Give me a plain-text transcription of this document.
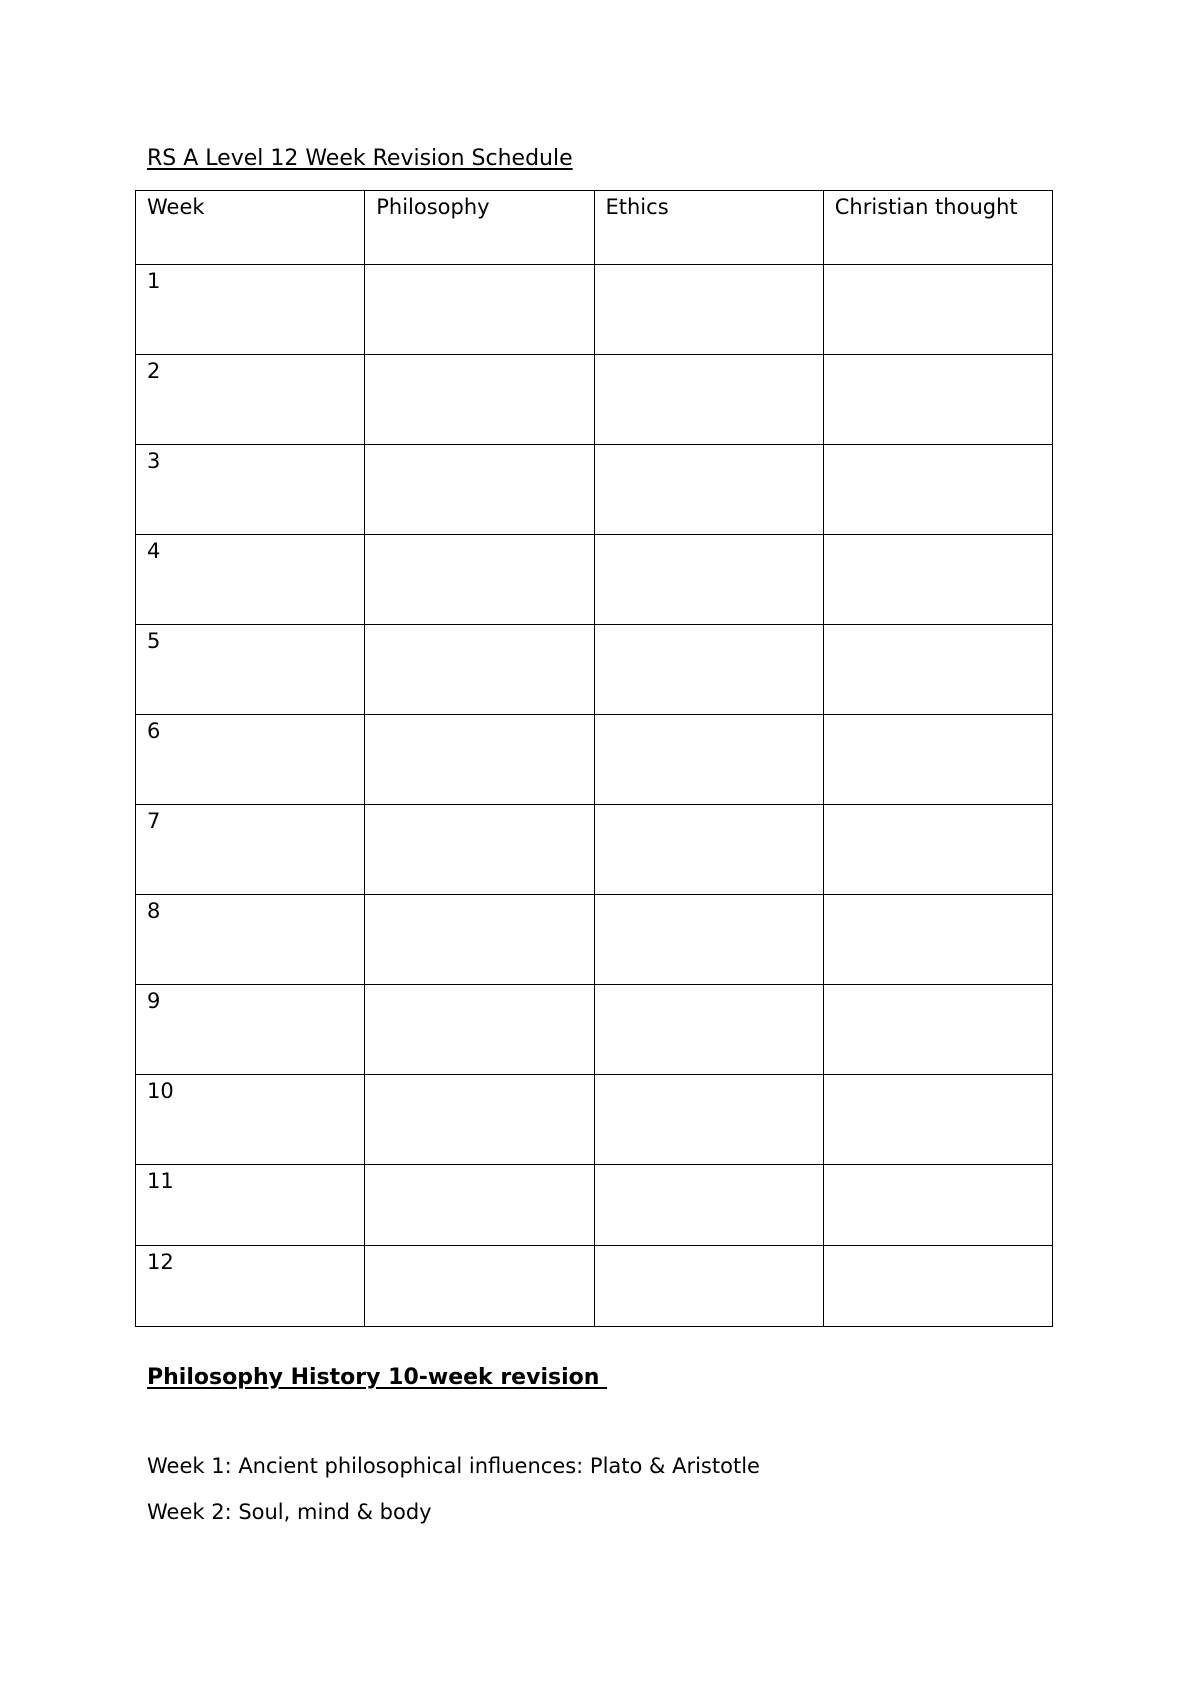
RS A Level 12 Week Revision Schedule
Week	Philosophy	Ethics	Christian thought
1			
2			
3			
4			
5			
6			
7			
8			
9			
10			
11			
12			
Philosophy History 10-week revision

Week 1: Ancient philosophical influences: Plato & Aristotle

Week 2: Soul, mind & body
